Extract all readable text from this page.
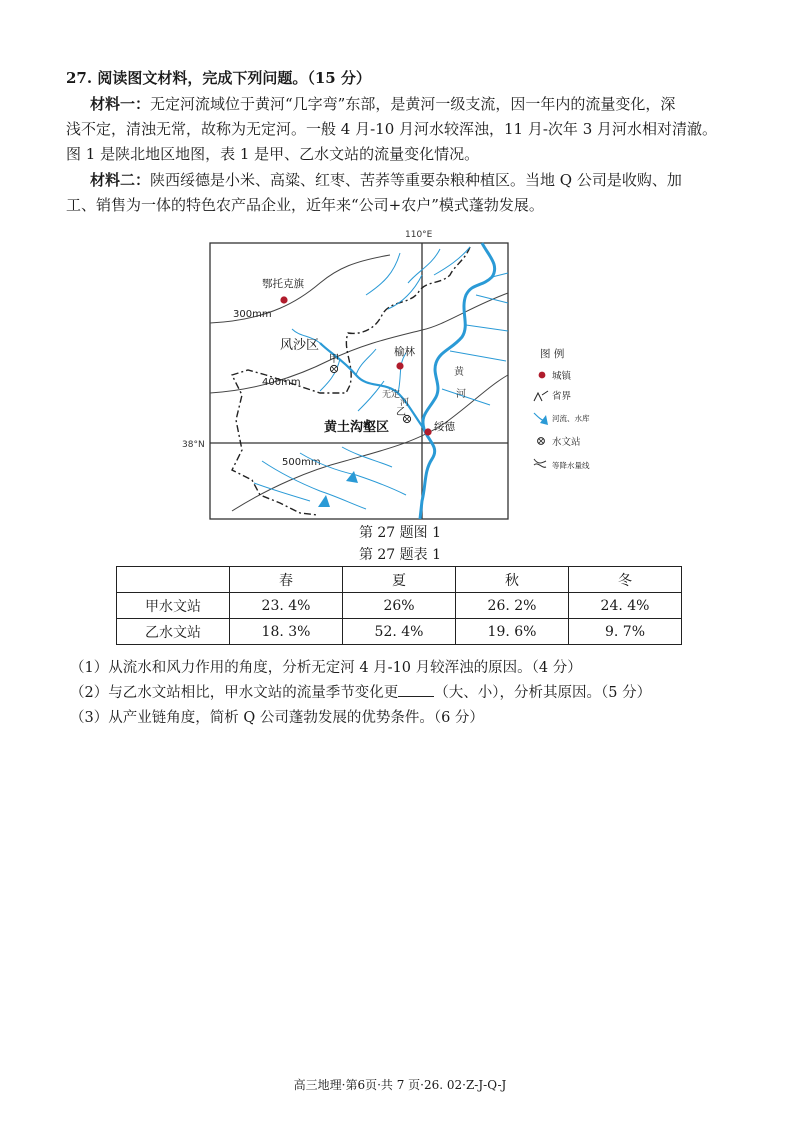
27. 阅读图文材料，完成下列问题。（15 分）
材料一：无定河流域位于黄河“几字弯”东部，是黄河一级支流，因一年内的流量变化，深
浅不定，清浊无常，故称为无定河。一般 4 月-10 月河水较浑浊，11 月-次年 3 月河水相对清澈。
图 1 是陕北地区地图，表 1 是甲、乙水文站的流量变化情况。
材料二：陕西绥德是小米、高粱、红枣、苦荞等重要杂粮种植区。当地 Q 公司是收购、加
工、销售为一体的特色农产品企业，近年来“公司+农户”模式蓬勃发展。
110°E
38°N
300mm
400mm
500mm
鄂托克旗
榆林
绥德
甲
乙
风沙区
黄土沟壑区
无 定
河
黄
河
图 例
城镇
省界
河流、水库
水文站
等降水量线
第 27 题图 1
第 27 题表 1
	春	夏	秋	冬
甲水文站	23. 4%	26%	26. 2%	24. 4%
乙水文站	18. 3%	52. 4%	19. 6%	9. 7%
（1）从流水和风力作用的角度，分析无定河 4 月-10 月较浑浊的原因。（4 分）
（2）与乙水文站相比，甲水文站的流量季节变化更 （大、小），分析其原因。（5 分）
（3）从产业链角度，简析 Q 公司蓬勃发展的优势条件。（6 分）
高三地理·第6页·共 7 页·26. 02·Z-J-Q-J
